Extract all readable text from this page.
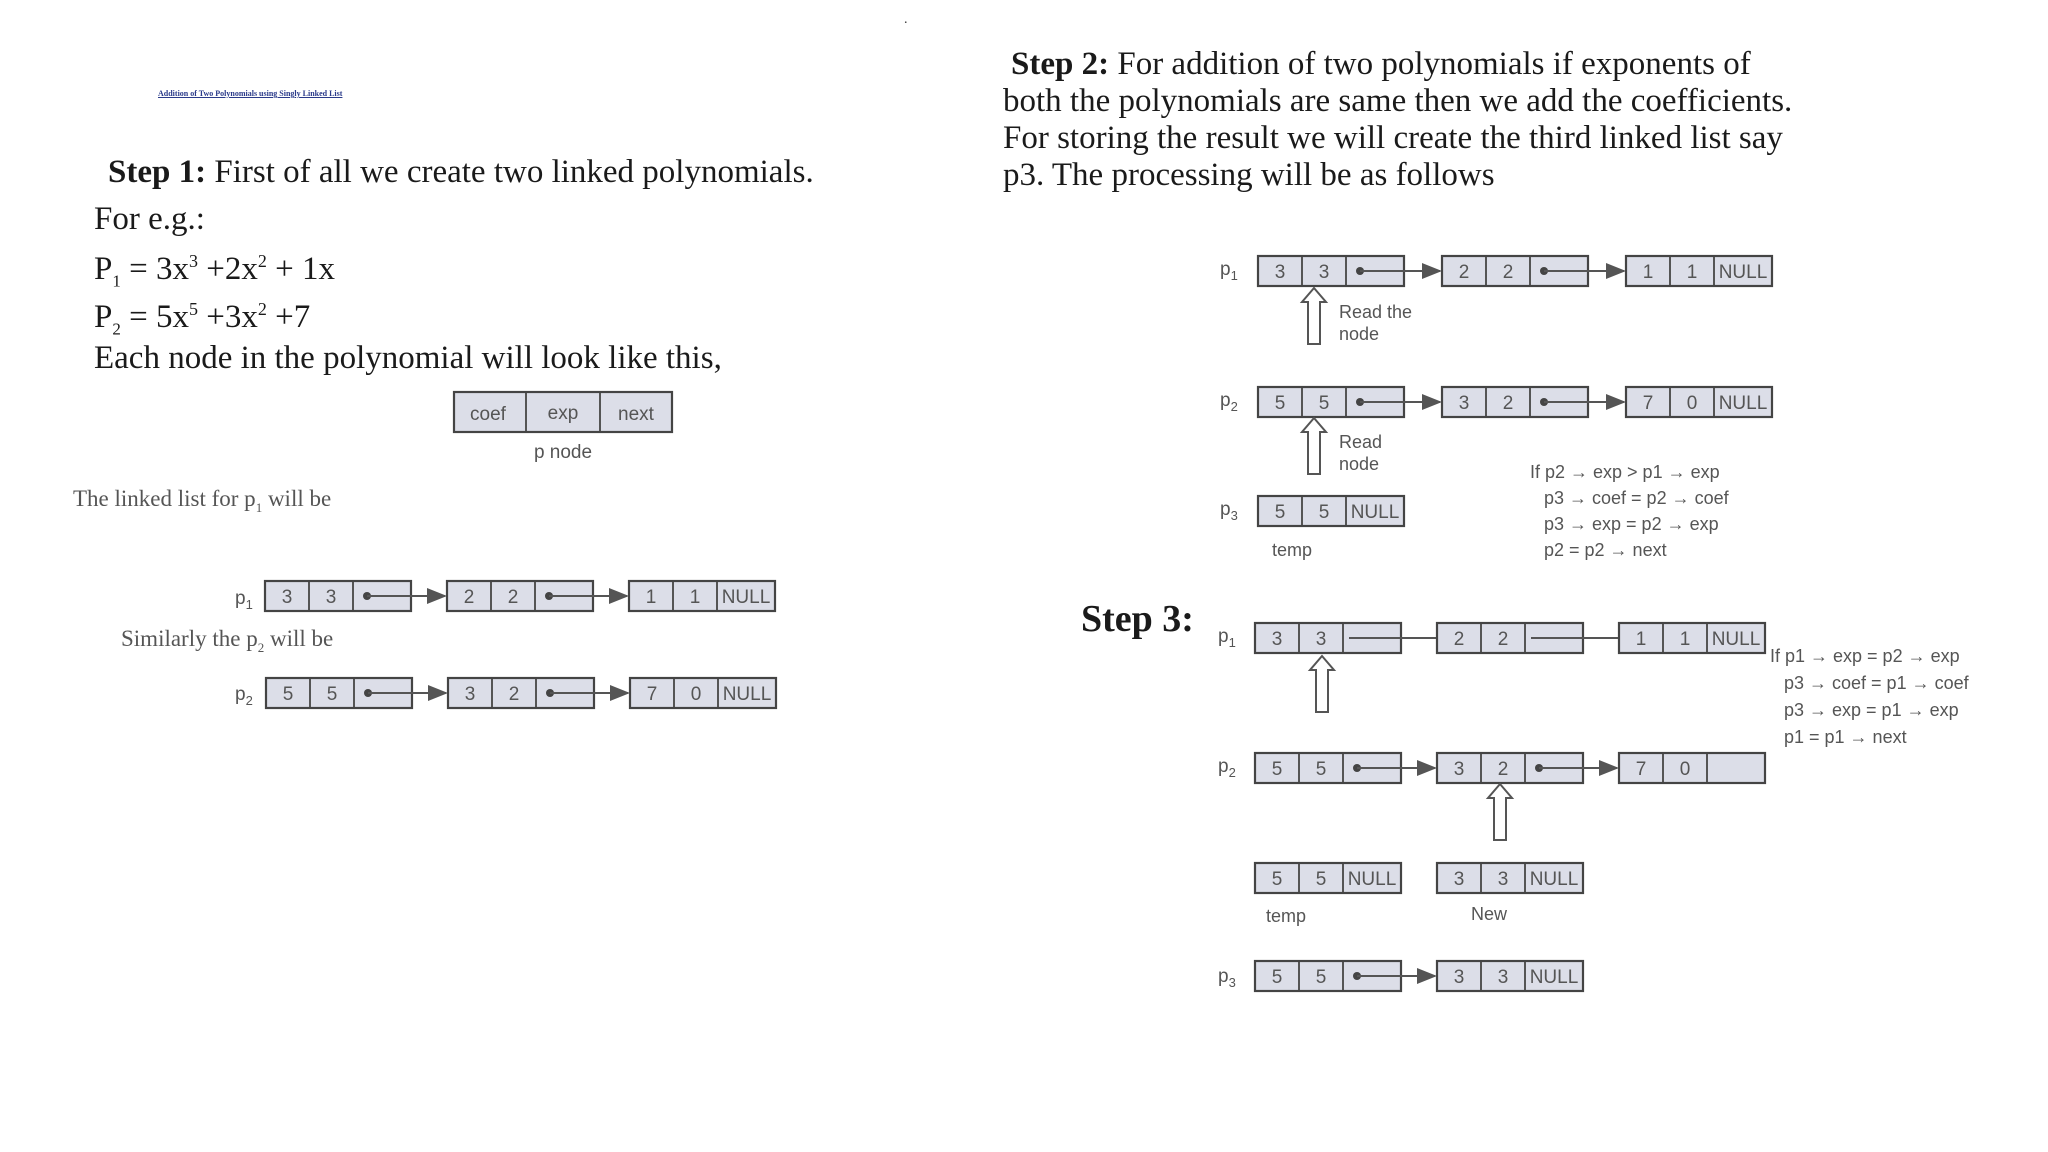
Addition of Two Polynomials using Singly Linked List
.
Step 1: First of all we create two linked polynomials.
For e.g.:
$P_1 = 3x^3 +2x^2 + 1x$
$P_2 = 5x^5 +3x^2 +7$
Each node in the polynomial will look like this,
Step 2: For addition of two polynomials if exponents of
both the polynomials are same then we add the coefficients.
For storing the result we will create the third linked list say
p3. The processing will be as follows
Step 3:
coef exp next
p node
The linked list for $p_1$ will be
Similarly the $p_2$ will be
3 3	2 2	1 1 NULL
5 5	3 2	7 0 NULL
$p_1$
$p_2$
$p_1$
$p_2$
$p_3$
3 3	2 2	1 1 NULL
5 5	3 2	7 0 NULL
5 5 NULL
Read the
node
Read
node
temp
If p2 → exp > p1 → exp
p3 → coef = p2 → coef
p3 → exp = p2 → exp
p2 = p2 → next
$p_1$
$p_2$
$p_3$
3 3	2 2	1 1 NULL
5 5	3 2	7 0
5 5 NULL	3 3 NULL
5 5	3 3 NULL
temp	New
If p1 → exp = p2 → exp
p3 → coef = p1 → coef
p3 → exp = p1 → exp
p1 = p1 → next
